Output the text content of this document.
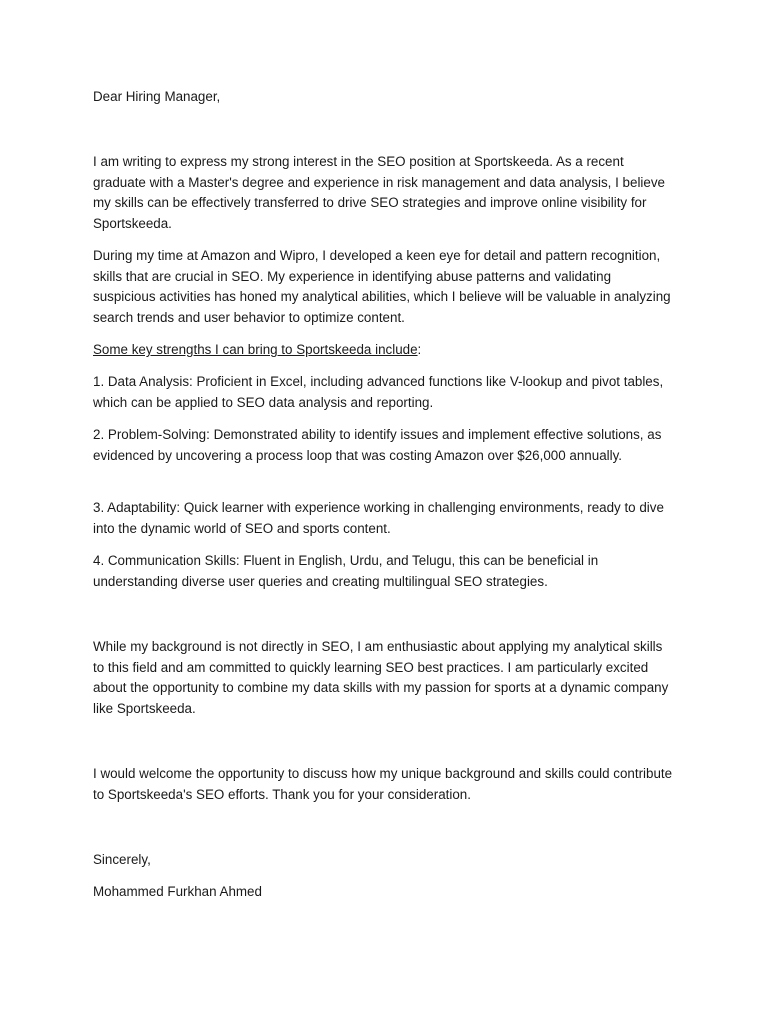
Dear Hiring Manager,

I am writing to express my strong interest in the SEO position at Sportskeeda. As a recent graduate with a Master's degree and experience in risk management and data analysis, I believe my skills can be effectively transferred to drive SEO strategies and improve online visibility for Sportskeeda.

During my time at Amazon and Wipro, I developed a keen eye for detail and pattern recognition, skills that are crucial in SEO. My experience in identifying abuse patterns and validating suspicious activities has honed my analytical abilities, which I believe will be valuable in analyzing search trends and user behavior to optimize content.

Some key strengths I can bring to Sportskeeda include:

1. Data Analysis: Proficient in Excel, including advanced functions like V-lookup and pivot tables, which can be applied to SEO data analysis and reporting.

2. Problem-Solving: Demonstrated ability to identify issues and implement effective solutions, as evidenced by uncovering a process loop that was costing Amazon over $26,000 annually.

3. Adaptability: Quick learner with experience working in challenging environments, ready to dive into the dynamic world of SEO and sports content.

4. Communication Skills: Fluent in English, Urdu, and Telugu, this can be beneficial in understanding diverse user queries and creating multilingual SEO strategies.

While my background is not directly in SEO, I am enthusiastic about applying my analytical skills to this field and am committed to quickly learning SEO best practices. I am particularly excited about the opportunity to combine my data skills with my passion for sports at a dynamic company like Sportskeeda.

I would welcome the opportunity to discuss how my unique background and skills could contribute to Sportskeeda's SEO efforts. Thank you for your consideration.

Sincerely,

Mohammed Furkhan Ahmed
